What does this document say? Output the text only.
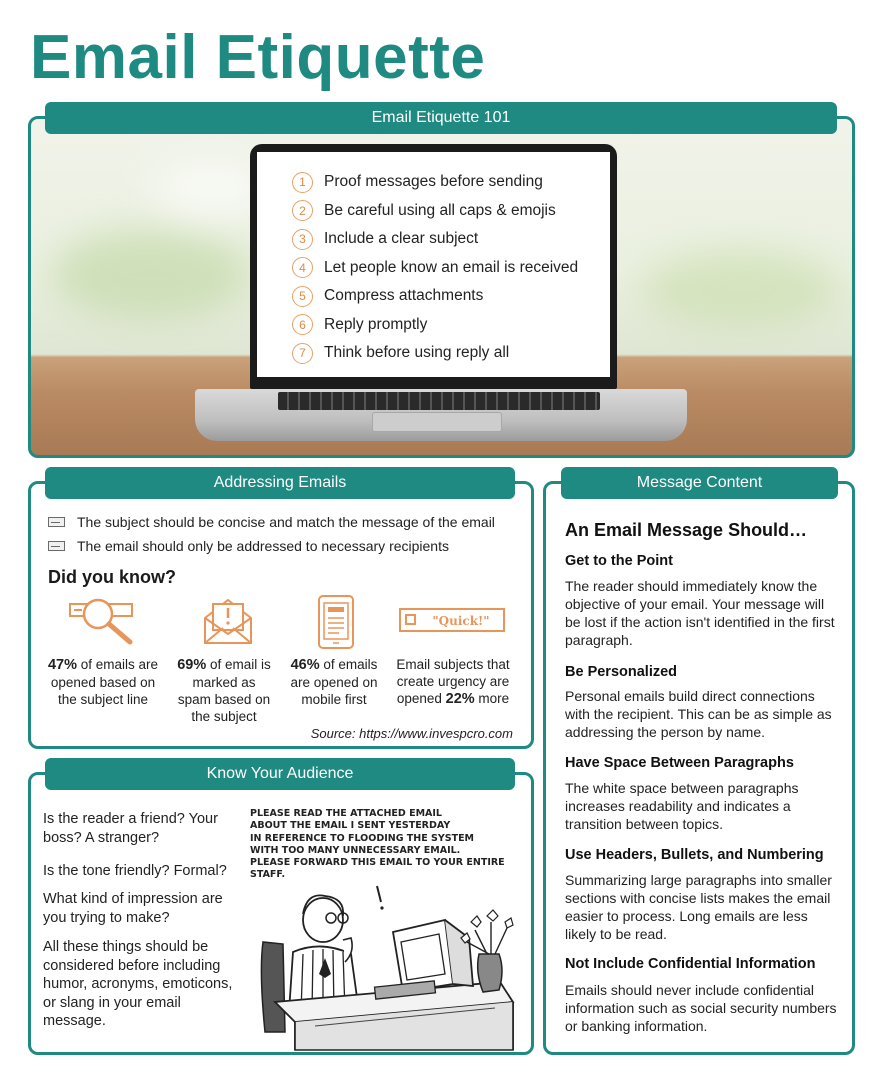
Email Etiquette
Email Etiquette 101
1	Proof messages before sending
2	Be careful using all caps & emojis
3	Include a clear subject
4	Let people know an email is received
5	Compress attachments
6	Reply promptly
7	Think before using reply all
Addressing Emails
The subject should be concise and match the message of the email
The email should only be addressed to necessary recipients
Did you know?
"Quick!"
47% of emails are opened based on the subject line
69% of email is marked as spam based on the subject
46% of emails are opened on mobile first
Email subjects that create urgency are opened 22% more
Source: https://www.invespcro.com
Know Your Audience
Is the reader a friend? Your boss? A stranger?
Is the tone friendly? Formal?
What kind of impression are you trying to make?
All these things should be considered before including humor, acronyms, emoticons, or slang in your email message.
PLEASE READ THE ATTACHED EMAIL
ABOUT THE EMAIL I SENT YESTERDAY
IN REFERENCE TO FLOODING THE SYSTEM
WITH TOO MANY UNNECESSARY EMAIL.
PLEASE FORWARD THIS EMAIL TO YOUR ENTIRE STAFF.
Message Content
An Email Message Should…
Get to the Point
The reader should immediately know the objective of your email. Your message will be lost if the action isn't identified in the first paragraph.
Be Personalized
Personal emails build direct connections with the recipient. This can be as simple as addressing the person by name.
Have Space Between Paragraphs
The white space between paragraphs increases readability and indicates a transition between topics.
Use Headers, Bullets, and Numbering
Summarizing large paragraphs into smaller sections with concise lists makes the email easier to process. Long emails are less likely to be read.
Not Include Confidential Information
Emails should never include confidential information such as social security numbers or banking information.
